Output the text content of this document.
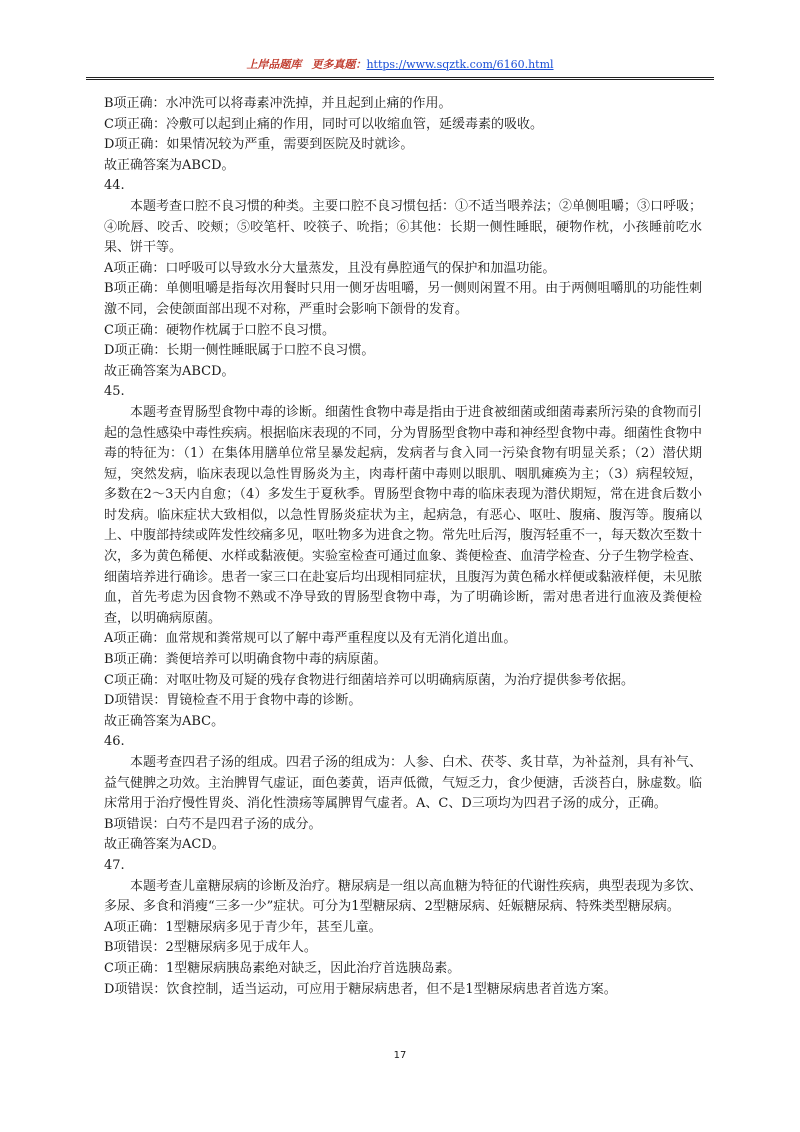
上岸品题库 更多真题：https://www.sqztk.com/6160.html

B项正确：水冲洗可以将毒素冲洗掉，并且起到止痛的作用。

C项正确：冷敷可以起到止痛的作用，同时可以收缩血管，延缓毒素的吸收。

D项正确：如果情况较为严重，需要到医院及时就诊。

故正确答案为ABCD。

44.

本题考查口腔不良习惯的种类。主要口腔不良习惯包括：①不适当喂养法；②单侧咀嚼；③口呼吸；④吮唇、咬舌、咬颊；⑤咬笔杆、咬筷子、吮指；⑥其他：长期一侧性睡眠，硬物作枕，小孩睡前吃水果、饼干等。

A项正确：口呼吸可以导致水分大量蒸发，且没有鼻腔通气的保护和加温功能。

B项正确：单侧咀嚼是指每次用餐时只用一侧牙齿咀嚼，另一侧则闲置不用。由于两侧咀嚼肌的功能性刺激不同，会使颌面部出现不对称，严重时会影响下颌骨的发育。

C项正确：硬物作枕属于口腔不良习惯。

D项正确：长期一侧性睡眠属于口腔不良习惯。

故正确答案为ABCD。

45.

本题考查胃肠型食物中毒的诊断。细菌性食物中毒是指由于进食被细菌或细菌毒素所污染的食物而引起的急性感染中毒性疾病。根据临床表现的不同，分为胃肠型食物中毒和神经型食物中毒。细菌性食物中毒的特征为：（1）在集体用膳单位常呈暴发起病，发病者与食入同一污染食物有明显关系；（2）潜伏期短，突然发病，临床表现以急性胃肠炎为主，肉毒杆菌中毒则以眼肌、咽肌瘫痪为主；（3）病程较短，多数在2～3天内自愈；（4）多发生于夏秋季。胃肠型食物中毒的临床表现为潜伏期短，常在进食后数小时发病。临床症状大致相似，以急性胃肠炎症状为主，起病急，有恶心、呕吐、腹痛、腹泻等。腹痛以上、中腹部持续或阵发性绞痛多见，呕吐物多为进食之物。常先吐后泻，腹泻轻重不一，每天数次至数十次，多为黄色稀便、水样或黏液便。实验室检查可通过血象、粪便检查、血清学检查、分子生物学检查、细菌培养进行确诊。患者一家三口在赴宴后均出现相同症状，且腹泻为黄色稀水样便或黏液样便，未见脓血，首先考虑为因食物不熟或不净导致的胃肠型食物中毒，为了明确诊断，需对患者进行血液及粪便检查，以明确病原菌。

A项正确：血常规和粪常规可以了解中毒严重程度以及有无消化道出血。

B项正确：粪便培养可以明确食物中毒的病原菌。

C项正确：对呕吐物及可疑的残存食物进行细菌培养可以明确病原菌，为治疗提供参考依据。

D项错误：胃镜检查不用于食物中毒的诊断。

故正确答案为ABC。

46.

本题考查四君子汤的组成。四君子汤的组成为：人参、白术、茯苓、炙甘草，为补益剂，具有补气、益气健脾之功效。主治脾胃气虚证，面色萎黄，语声低微，气短乏力，食少便溏，舌淡苔白，脉虚数。临床常用于治疗慢性胃炎、消化性溃疡等属脾胃气虚者。A、C、D三项均为四君子汤的成分，正确。

B项错误：白芍不是四君子汤的成分。

故正确答案为ACD。

47.

本题考查儿童糖尿病的诊断及治疗。糖尿病是一组以高血糖为特征的代谢性疾病，典型表现为多饮、多尿、多食和消瘦“三多一少”症状。可分为1型糖尿病、2型糖尿病、妊娠糖尿病、特殊类型糖尿病。

A项正确：1型糖尿病多见于青少年，甚至儿童。

B项错误：2型糖尿病多见于成年人。

C项正确：1型糖尿病胰岛素绝对缺乏，因此治疗首选胰岛素。

D项错误：饮食控制，适当运动，可应用于糖尿病患者，但不是1型糖尿病患者首选方案。

17
